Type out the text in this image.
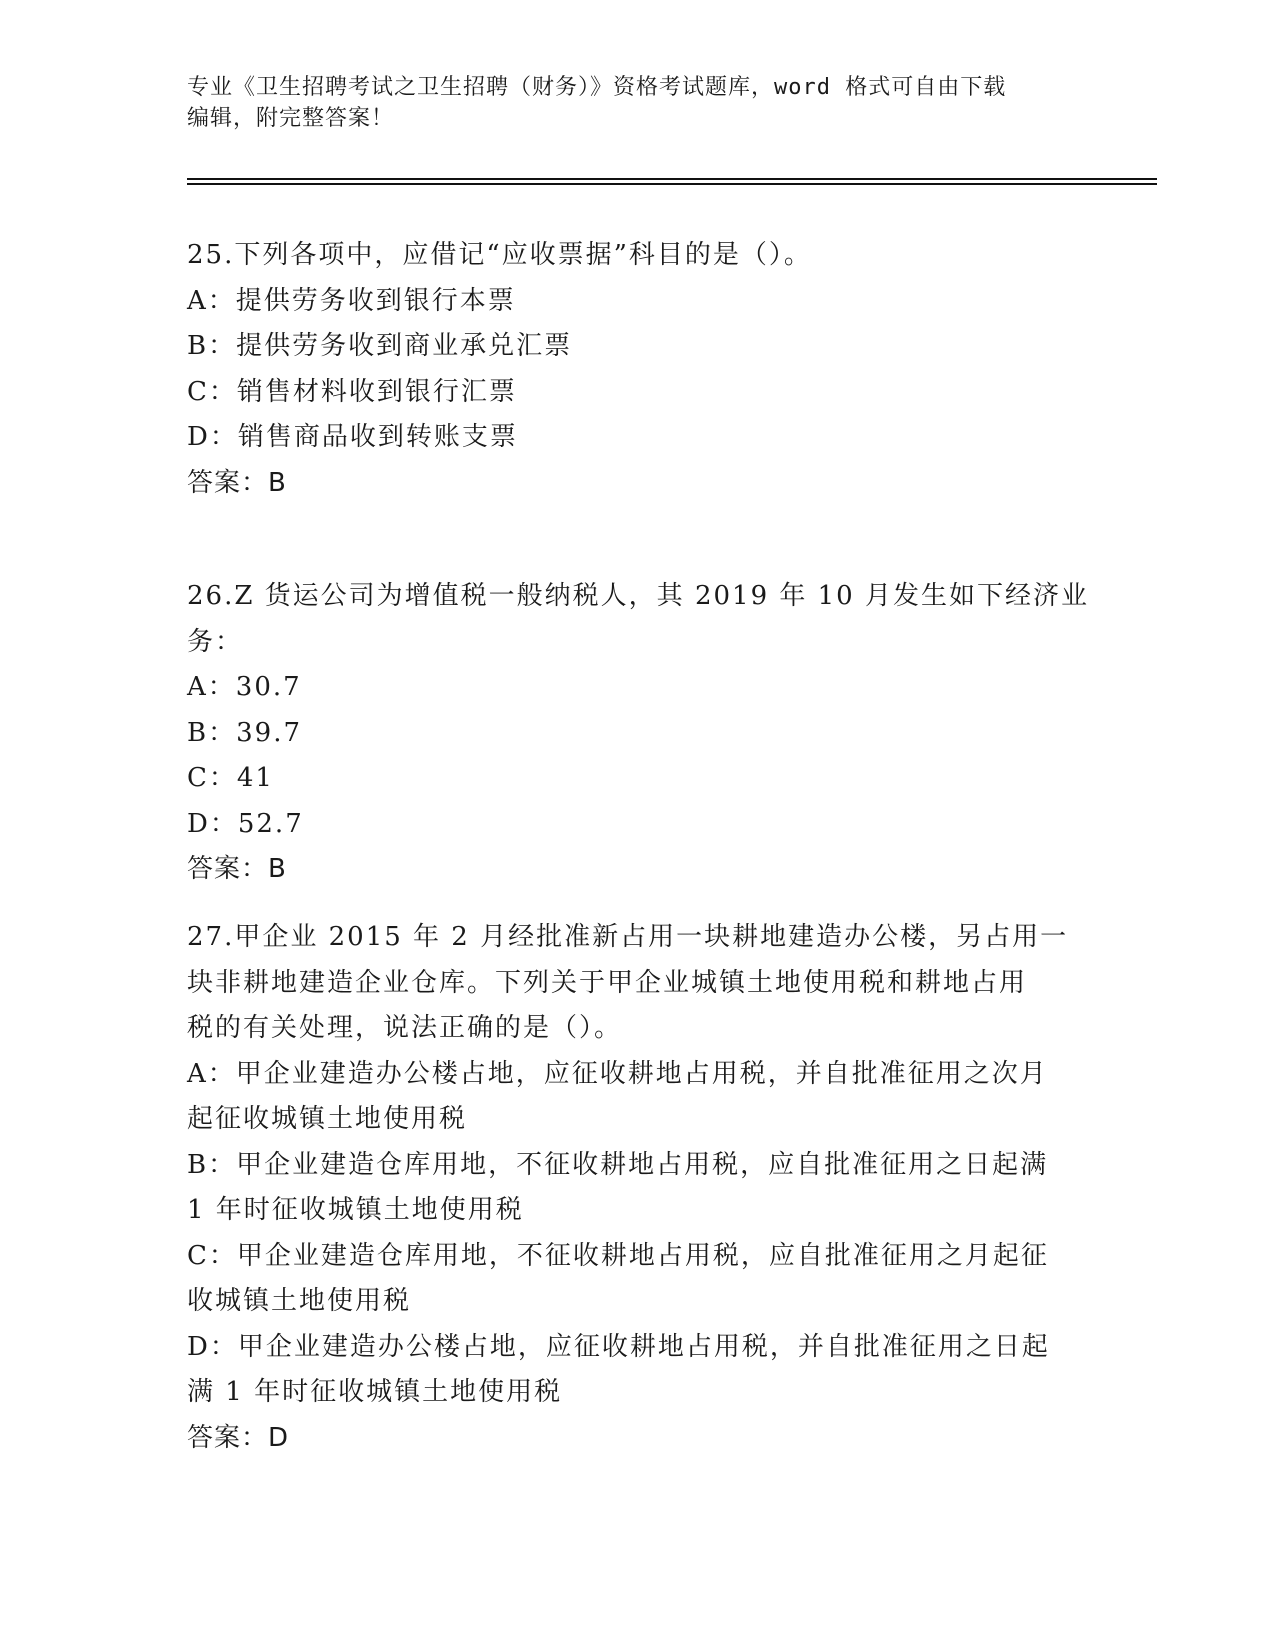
专业《卫生招聘考试之卫生招聘（财务）》资格考试题库，word 格式可自由下载
编辑，附完整答案！
25.下列各项中，应借记“应收票据”科目的是（）。
A：提供劳务收到银行本票
B：提供劳务收到商业承兑汇票
C：销售材料收到银行汇票
D：销售商品收到转账支票
答案：B
26.Z 货运公司为增值税一般纳税人，其 2019 年 10 月发生如下经济业
务：
A：30.7
B：39.7
C：41
D：52.7
答案：B
27.甲企业 2015 年 2 月经批准新占用一块耕地建造办公楼，另占用一
块非耕地建造企业仓库。下列关于甲企业城镇土地使用税和耕地占用
税的有关处理，说法正确的是（）。
A：甲企业建造办公楼占地，应征收耕地占用税，并自批准征用之次月
起征收城镇土地使用税
B：甲企业建造仓库用地，不征收耕地占用税，应自批准征用之日起满
1 年时征收城镇土地使用税
C：甲企业建造仓库用地，不征收耕地占用税，应自批准征用之月起征
收城镇土地使用税
D：甲企业建造办公楼占地，应征收耕地占用税，并自批准征用之日起
满 1 年时征收城镇土地使用税
答案：D
